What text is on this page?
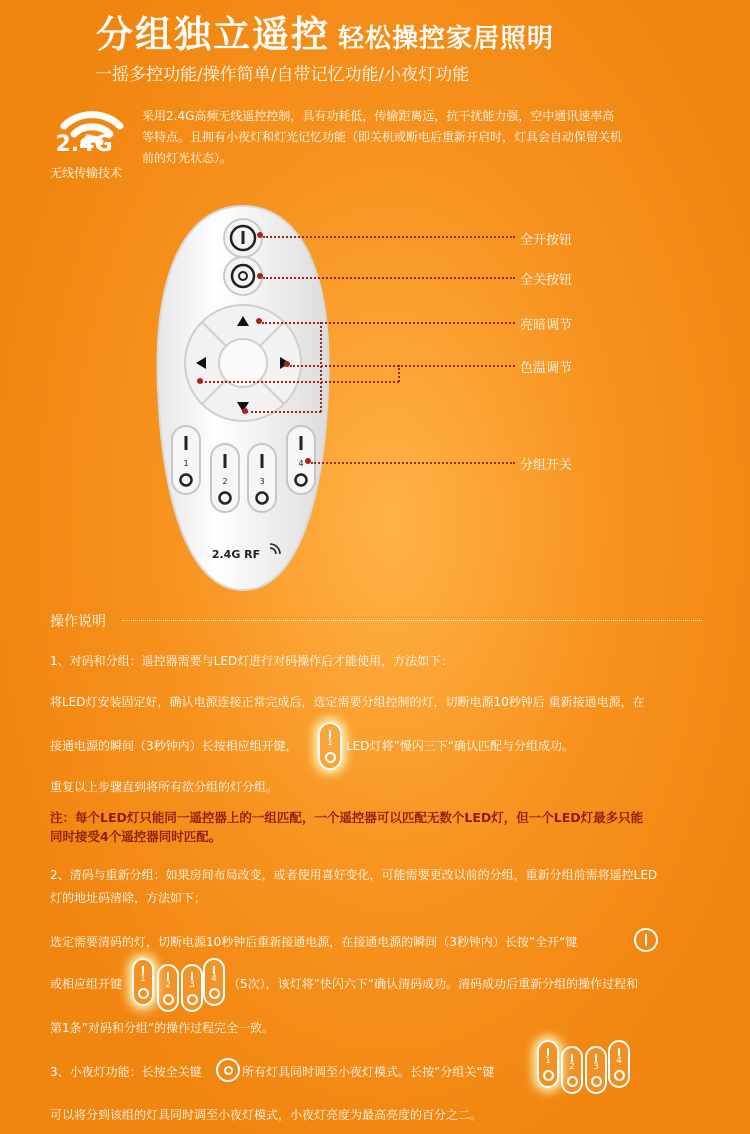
分组独立遥控 轻松操控家居照明
一摇多控功能/操作简单/自带记忆功能/小夜灯功能
2.4G
无线传输技术
采用2.4G高频无线遥控控制，具有功耗低，传输距离远，抗干扰能力强，空中通讯速率高
等特点。且拥有小夜灯和灯光记忆功能（即关机或断电后重新开启时，灯具会自动保留关机
前的灯光状态）。
1
2	3
4
2.4G RF
全开按钮
全关按钮
亮暗调节
色温调节
分组开关
操作说明
1、对码和分组：遥控器需要与LED灯进行对码操作后才能使用，方法如下：
将LED灯安装固定好，确认电源连接正常完成后，选定需要分组控制的灯，切断电源10秒钟后 重新接通电源，在
接通电源的瞬间（3秒钟内）长按相应组开键，	1	LED灯将”慢闪三下“确认匹配与分组成功。
重复以上步骤直到将所有欲分组的灯分组。
注：每个LED灯只能同一遥控器上的一组匹配，一个遥控器可以匹配无数个LED灯，但一个LED灯最多只能
同时接受4个遥控器同时匹配。
2、清码与重新分组：如果房间布局改变，或者使用喜好变化，可能需要更改以前的分组，重新分组前需将遥控LED
灯的地址码清除，方法如下；
选定需要清码的灯，切断电源10秒钟后重新接通电源，在接通电源的瞬间（3秒钟内）长按”全开“键
或相应组开键	1
2	3
4 （5次），该灯将”快闪六下“确认清码成功。清码成功后重新分组的操作过程和
第1条”对码和分组“的操作过程完全一致。
3、小夜灯功能：长按全关键	所有灯具同时调至小夜灯模式。长按”分组关“键
1
2	3
4
可以将分到该组的灯具同时调至小夜灯模式，小夜灯亮度为最高亮度的百分之二。
